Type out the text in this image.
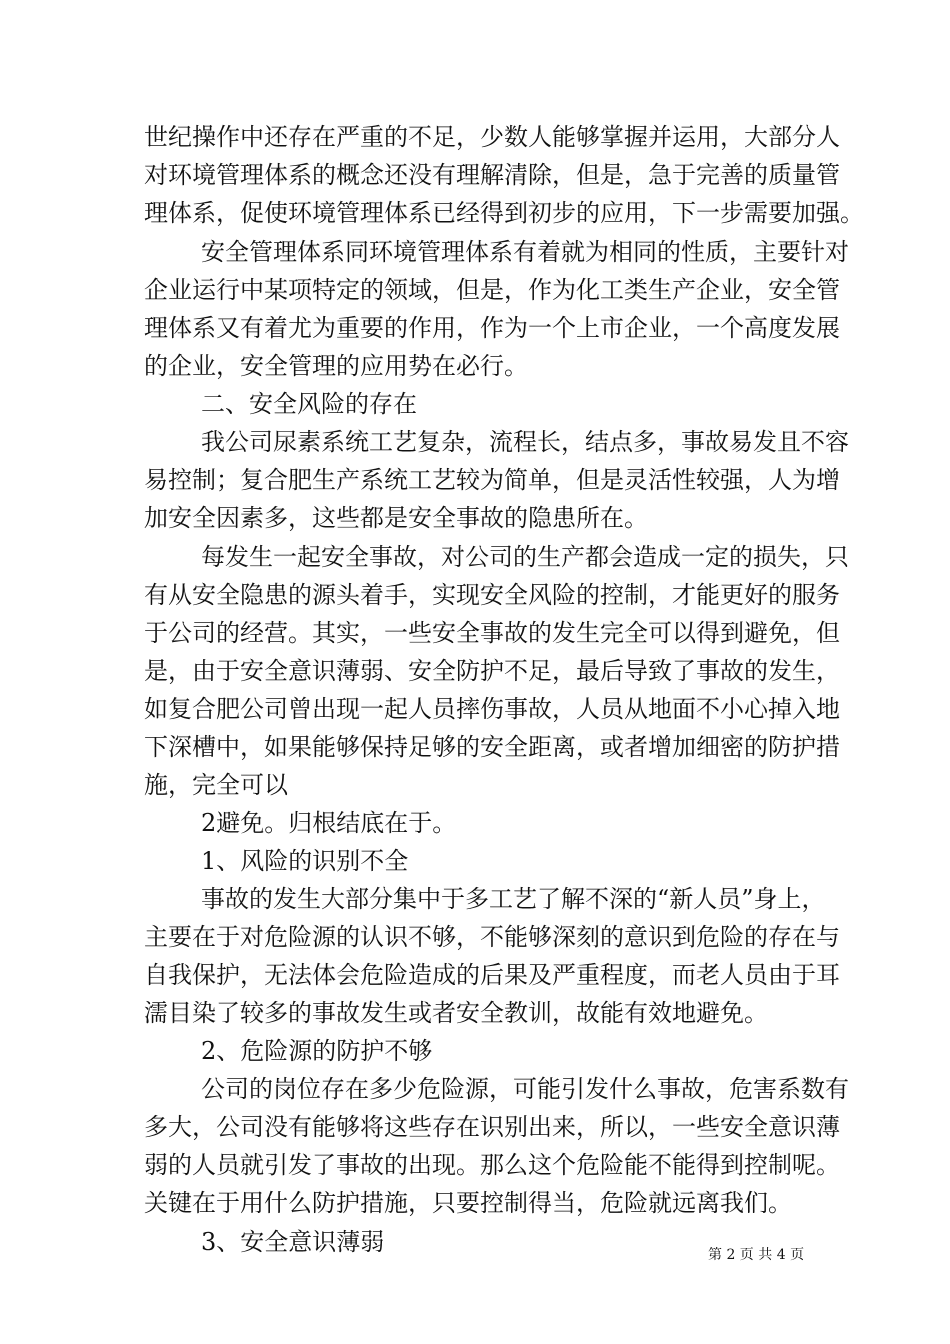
世纪操作中还存在严重的不足，少数人能够掌握并运用，大部分人
对环境管理体系的概念还没有理解清除，但是，急于完善的质量管
理体系，促使环境管理体系已经得到初步的应用，下一步需要加强。
安全管理体系同环境管理体系有着就为相同的性质，主要针对
企业运行中某项特定的领域，但是，作为化工类生产企业，安全管
理体系又有着尤为重要的作用，作为一个上市企业，一个高度发展
的企业，安全管理的应用势在必行。
二、安全风险的存在
我公司尿素系统工艺复杂，流程长，结点多，事故易发且不容
易控制；复合肥生产系统工艺较为简单，但是灵活性较强，人为增
加安全因素多，这些都是安全事故的隐患所在。
每发生一起安全事故，对公司的生产都会造成一定的损失，只
有从安全隐患的源头着手，实现安全风险的控制，才能更好的服务
于公司的经营。其实，一些安全事故的发生完全可以得到避免，但
是，由于安全意识薄弱、安全防护不足，最后导致了事故的发生，
如复合肥公司曾出现一起人员摔伤事故，人员从地面不小心掉入地
下深槽中，如果能够保持足够的安全距离，或者增加细密的防护措
施，完全可以
2避免。归根结底在于。
1、风险的识别不全
事故的发生大部分集中于多工艺了解不深的“新人员”身上，
主要在于对危险源的认识不够，不能够深刻的意识到危险的存在与
自我保护，无法体会危险造成的后果及严重程度，而老人员由于耳
濡目染了较多的事故发生或者安全教训，故能有效地避免。
2、危险源的防护不够
公司的岗位存在多少危险源，可能引发什么事故，危害系数有
多大，公司没有能够将这些存在识别出来，所以，一些安全意识薄
弱的人员就引发了事故的出现。那么这个危险能不能得到控制呢。
关键在于用什么防护措施，只要控制得当，危险就远离我们。
3、安全意识薄弱	第 2 页 共 4 页
